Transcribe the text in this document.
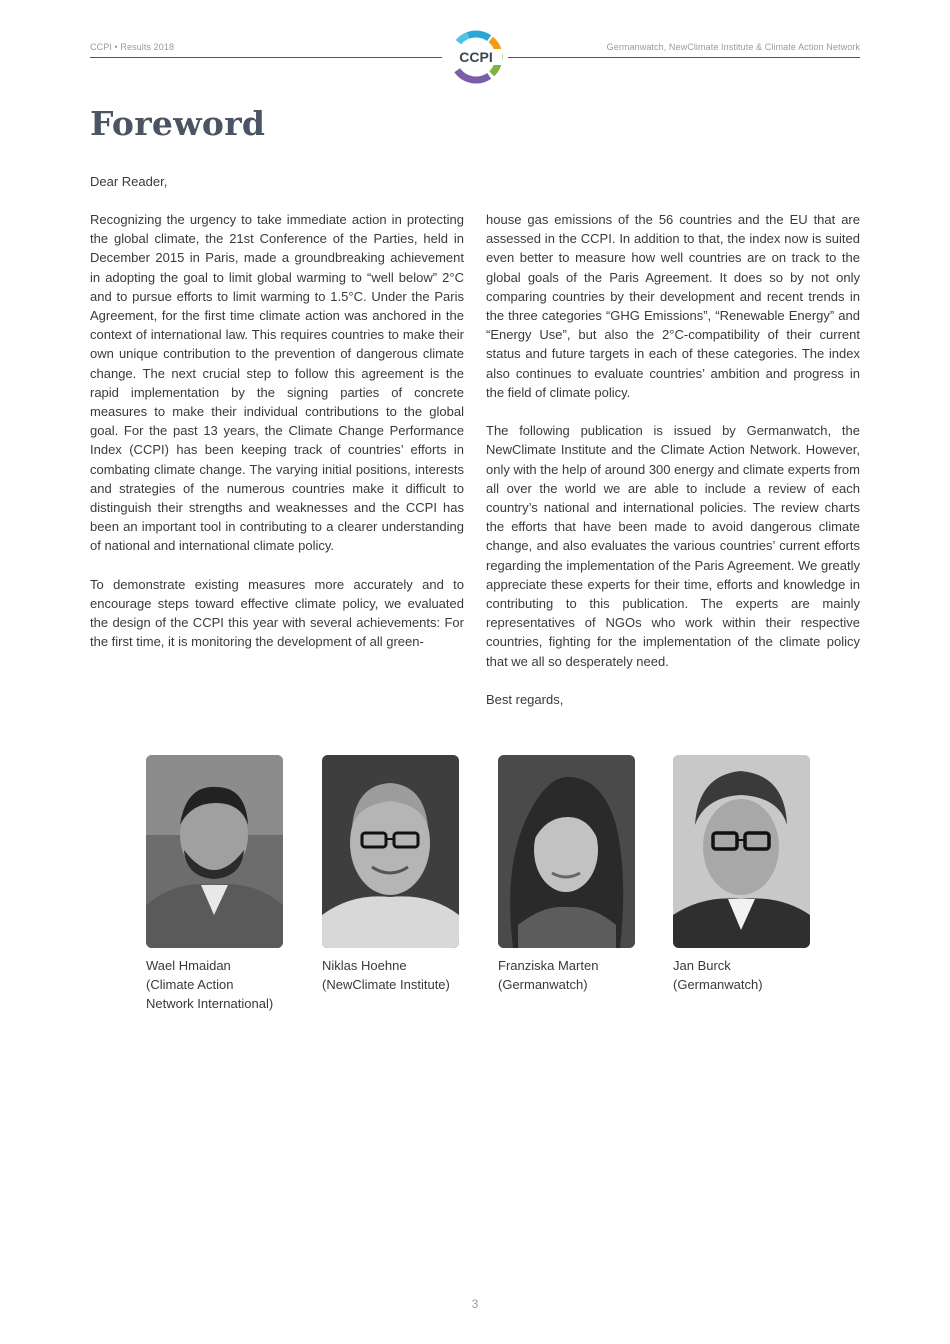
CCPI • Results 2018	Germanwatch, NewClimate Institute & Climate Action Network
CCPI
Foreword
Dear Reader,

Recognizing the urgency to take immediate action in protecting the global climate, the 21st Conference of the Parties, held in December 2015 in Paris, made a groundbreaking achievement in adopting the goal to limit global warming to “well below” 2°C and to pursue efforts to limit warming to 1.5°C. Under the Paris Agreement, for the first time climate action was anchored in the context of international law. This requires countries to make their own unique contribution to the prevention of dangerous climate change. The next crucial step to follow this agreement is the rapid implementation by the signing parties of concrete measures to make their individual contributions to the global goal. For the past 13 years, the Climate Change Performance Index (CCPI) has been keeping track of countries’ efforts in combating climate change. The varying initial positions, interests and strategies of the numerous countries make it difficult to distinguish their strengths and weaknesses and the CCPI has been an important tool in contributing to a clearer understanding of national and international climate policy.

To demonstrate existing measures more accurately and to encourage steps toward effective climate policy, we evaluated the design of the CCPI this year with several achievements: For the first time, it is monitoring the development of all green-

house gas emissions of the 56 countries and the EU that are assessed in the CCPI. In addition to that, the index now is suited even better to measure how well countries are on track to the global goals of the Paris Agreement. It does so by not only comparing countries by their development and recent trends in the three categories “GHG Emissions”, “Renewable Energy” and “Energy Use”, but also the 2°C-compatibility of their current status and future targets in each of these categories. The index also continues to evaluate countries’ ambition and progress in the field of climate policy.

The following publication is issued by Germanwatch, the NewClimate Institute and the Climate Action Network. However, only with the help of around 300 energy and climate experts from all over the world we are able to include a review of each country’s national and international policies. The review charts the efforts that have been made to avoid dangerous climate change, and also evaluates the various countries’ current efforts regarding the implementation of the Paris Agreement. We greatly appreciate these experts for their time, efforts and knowledge in contributing to this publication. The experts are mainly representatives of NGOs who work within their respective countries, fighting for the implementation of the climate policy that we all so desperately need.

Best regards,

Wael Hmaidan
(Climate Action Network International)
Niklas Hoehne
(NewClimate Institute)
Franziska Marten
(Germanwatch)
Jan Burck
(Germanwatch)
3
